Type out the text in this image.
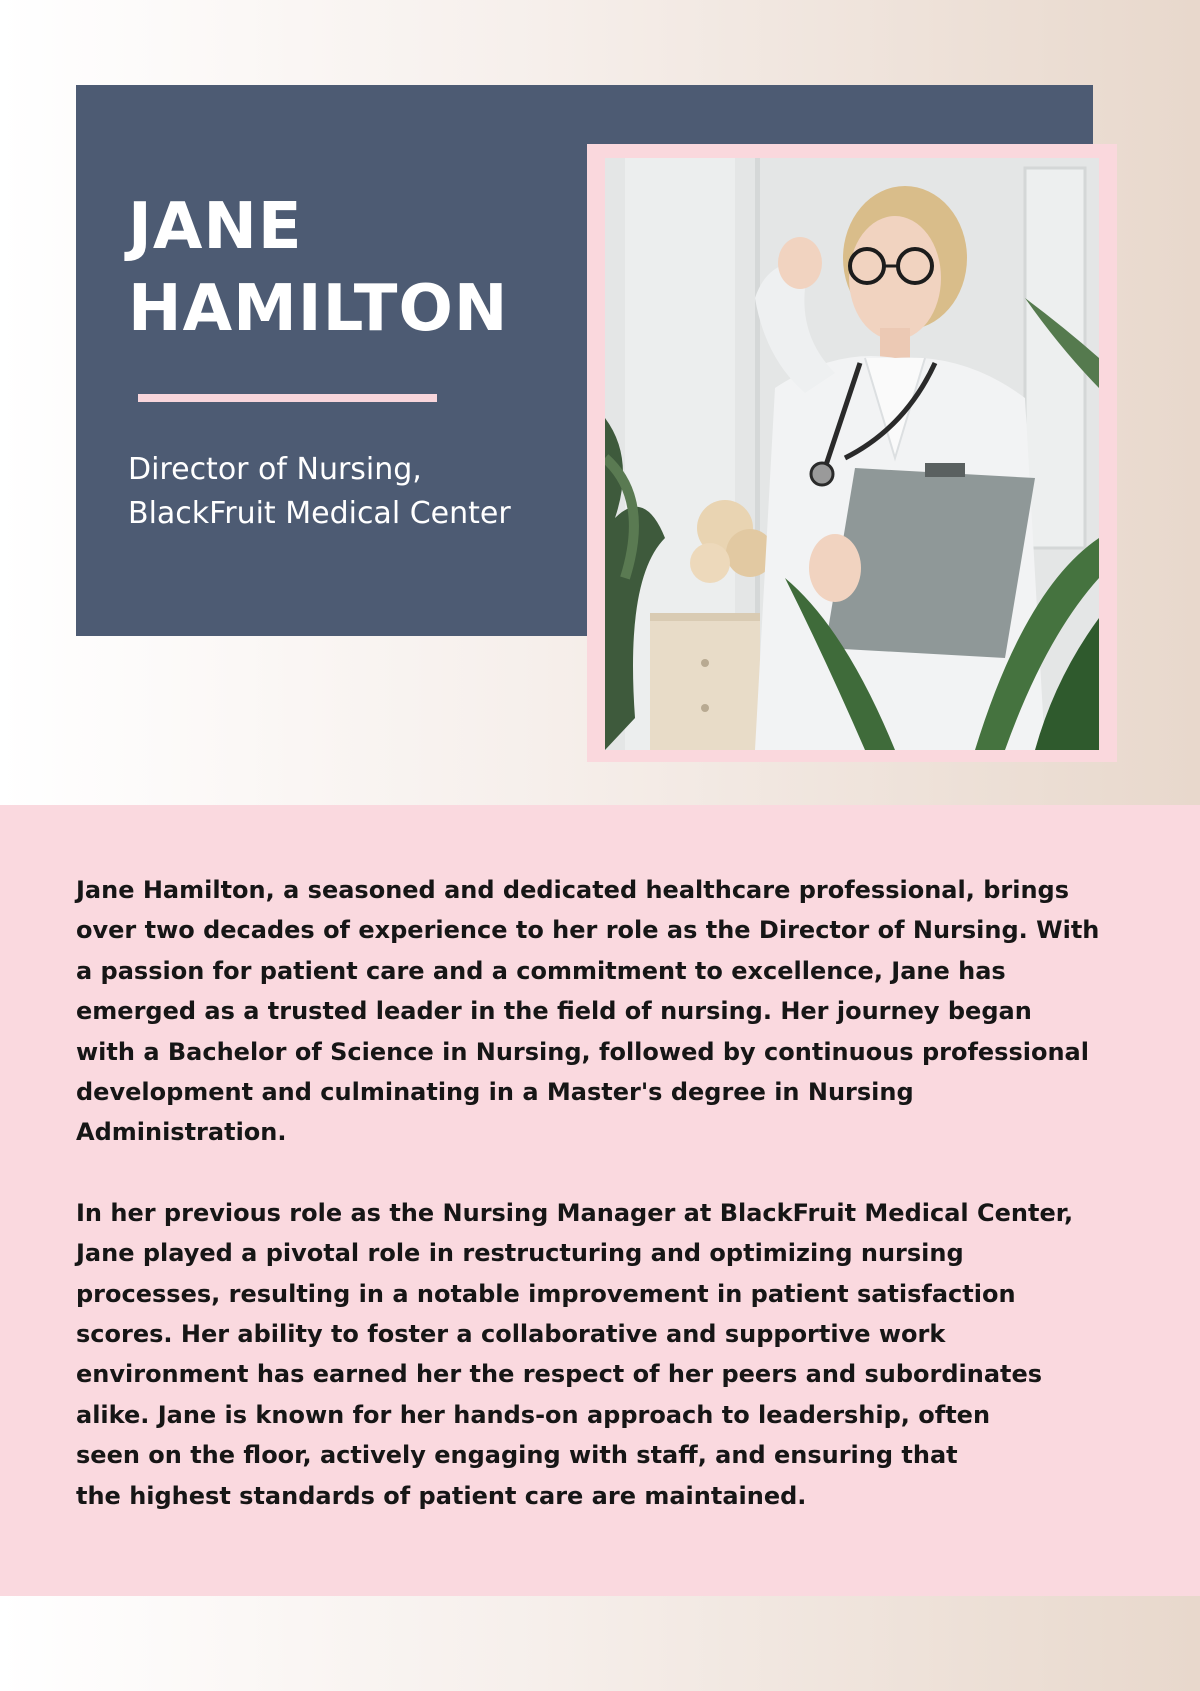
JANE
HAMILTON
Director of Nursing,
BlackFruit Medical Center
Jane Hamilton, a seasoned and dedicated healthcare professional, brings
over two decades of experience to her role as the Director of Nursing. With
a passion for patient care and a commitment to excellence, Jane has
emerged as a trusted leader in the field of nursing. Her journey began
with a Bachelor of Science in Nursing, followed by continuous professional
development and culminating in a Master's degree in Nursing
Administration.
In her previous role as the Nursing Manager at BlackFruit Medical Center,
Jane played a pivotal role in restructuring and optimizing nursing
processes, resulting in a notable improvement in patient satisfaction
scores. Her ability to foster a collaborative and supportive work
environment has earned her the respect of her peers and subordinates
alike. Jane is known for her hands-on approach to leadership, often
seen on the floor, actively engaging with staff, and ensuring that
the highest standards of patient care are maintained.
